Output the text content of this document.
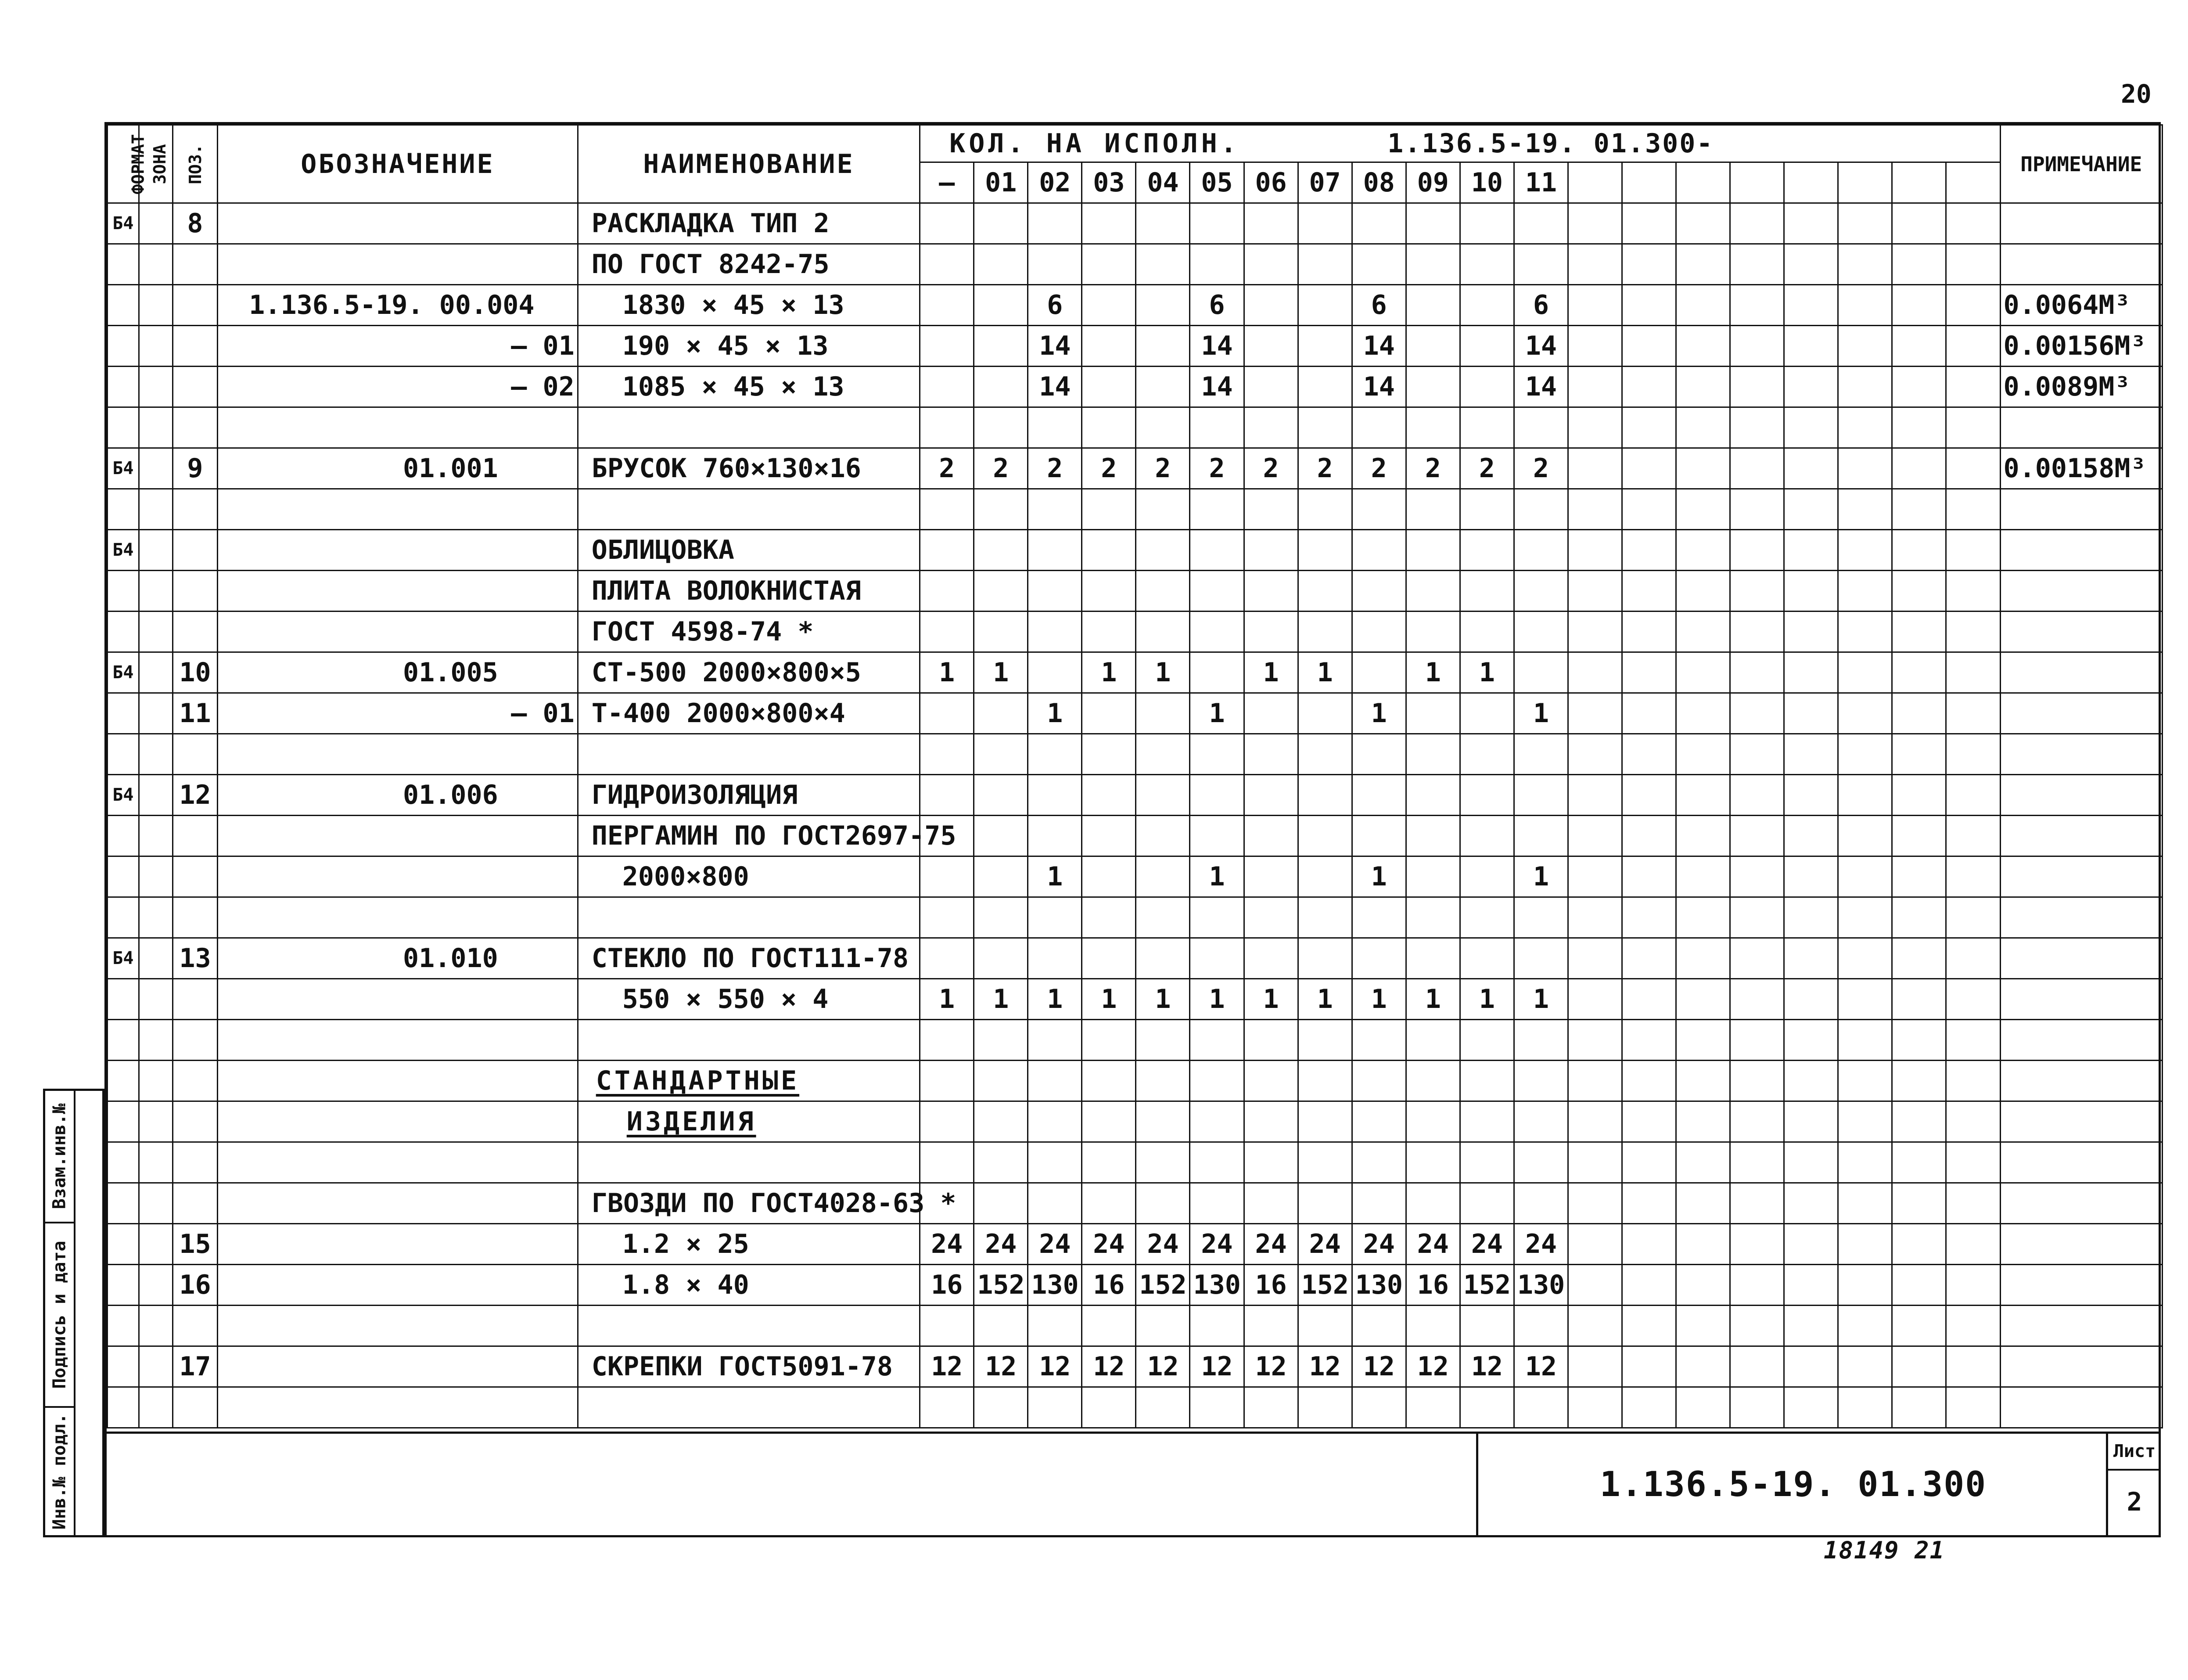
20
ФОРМАТ	ЗОНА	ПОЗ.	ОБОЗНАЧЕНИЕ	НАИМЕНОВАНИЕ	КОЛ. НА ИСПОЛН. 1.136.5-19. 01.300-																				ПРИМЕЧАНИЕ
					—	01	02	03	04	05	06	07	08	09	10	11									
Б4		8		РАСКЛАДКА ТИП 2																					
				ПО ГОСТ 8242-75																					
			1.136.5-19. 00.004	1830 × 45 × 13			6			6			6			6									0.0064М³
			— 01	190 × 45 × 13			14			14			14			14									0.00156М³
			— 02	1085 × 45 × 13			14			14			14			14									0.0089М³

Б4		9	01.001	БРУСОК 760×130×16	2	2	2	2	2	2	2	2	2	2	2	2									0.00158М³

Б4				ОБЛИЦОВКА																					
				ПЛИТА ВОЛОКНИСТАЯ																					
				ГОСТ 4598-74 *																					
Б4		10	01.005	СТ-500 2000×800×5	1	1		1	1		1	1		1	1										
		11	— 01	Т-400 2000×800×4			1			1			1			1									

Б4		12	01.006	ГИДРОИЗОЛЯЦИЯ																					
				ПЕРГАМИН ПО ГОСТ2697-75																					
				2000×800			1			1			1			1									

Б4		13	01.010	СТЕКЛО ПО ГОСТ111-78																					
				550 × 550 × 4	1	1	1	1	1	1	1	1	1	1	1	1									

				СТАНДАРТНЫЕ																					
				ИЗДЕЛИЯ																					

				ГВОЗДИ ПО ГОСТ4028-63 *																					
		15		1.2 × 25	24	24	24	24	24	24	24	24	24	24	24	24									
		16		1.8 × 40	16	152	130	16	152	130	16	152	130	16	152	130									

		17		СКРЕПКИ ГОСТ5091-78	12	12	12	12	12	12	12	12	12	12	12	12									

1.136.5-19. 01.300
Лист
2
Взам.инв.№
Подпись и дата
Инв.№ подл.
18149 21
